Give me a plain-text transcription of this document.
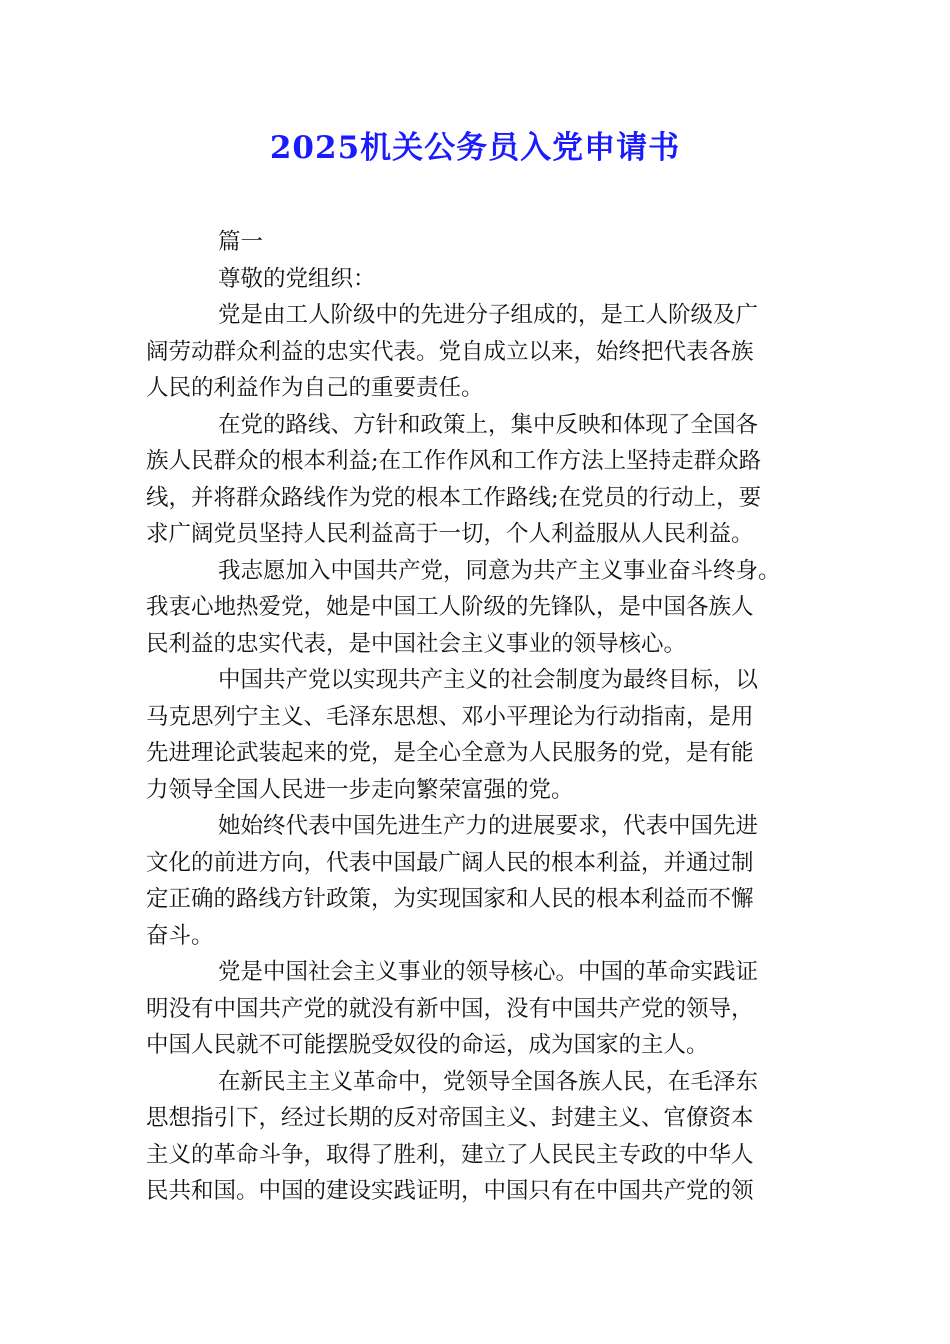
2025机关公务员入党申请书
篇一
尊敬的党组织：
党是由工人阶级中的先进分子组成的，是工人阶级及广
阔劳动群众利益的忠实代表。党自成立以来，始终把代表各族
人民的利益作为自己的重要责任。
在党的路线、方针和政策上，集中反映和体现了全国各
族人民群众的根本利益;在工作作风和工作方法上坚持走群众路
线，并将群众路线作为党的根本工作路线;在党员的行动上，要
求广阔党员坚持人民利益高于一切，个人利益服从人民利益。
我志愿加入中国共产党，同意为共产主义事业奋斗终身。
我衷心地热爱党，她是中国工人阶级的先锋队，是中国各族人
民利益的忠实代表，是中国社会主义事业的领导核心。
中国共产党以实现共产主义的社会制度为最终目标，以
马克思列宁主义、毛泽东思想、邓小平理论为行动指南，是用
先进理论武装起来的党，是全心全意为人民服务的党，是有能
力领导全国人民进一步走向繁荣富强的党。
她始终代表中国先进生产力的进展要求，代表中国先进
文化的前进方向，代表中国最广阔人民的根本利益，并通过制
定正确的路线方针政策，为实现国家和人民的根本利益而不懈
奋斗。
党是中国社会主义事业的领导核心。中国的革命实践证
明没有中国共产党的就没有新中国，没有中国共产党的领导，
中国人民就不可能摆脱受奴役的命运，成为国家的主人。
在新民主主义革命中，党领导全国各族人民，在毛泽东
思想指引下，经过长期的反对帝国主义、封建主义、官僚资本
主义的革命斗争，取得了胜利，建立了人民民主专政的中华人
民共和国。中国的建设实践证明，中国只有在中国共产党的领
